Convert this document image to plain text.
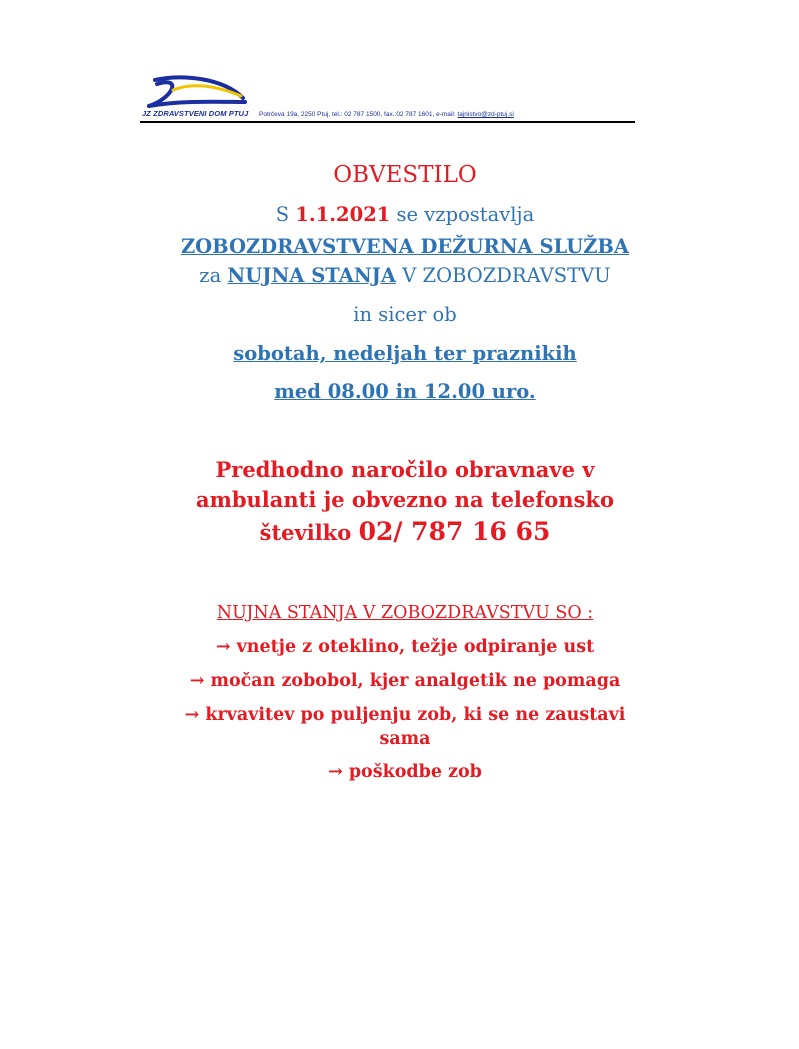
JZ ZDRAVSTVENI DOM PTUJ Potrčeva 19a, 2250 Ptuj, tel.: 02 787 1500, fax.:02 787 1601, e-mail: tajnistvo@zd-ptuj.si
OBVESTILO
S 1.1.2021 se vzpostavlja
ZOBOZDRAVSTVENA DEŽURNA SLUŽBA
za NUJNA STANJA V ZOBOZDRAVSTVU
in sicer ob
sobotah, nedeljah ter praznikih
med 08.00 in 12.00 uro.
Predhodno naročilo obravnave v
ambulanti je obvezno na telefonsko
številko 02/ 787 16 65
NUJNA STANJA V ZOBOZDRAVSTVU SO :
→ vnetje z oteklino, težje odpiranje ust
→ močan zobobol, kjer analgetik ne pomaga
→ krvavitev po puljenju zob, ki se ne zaustavi
sama
→ poškodbe zob
